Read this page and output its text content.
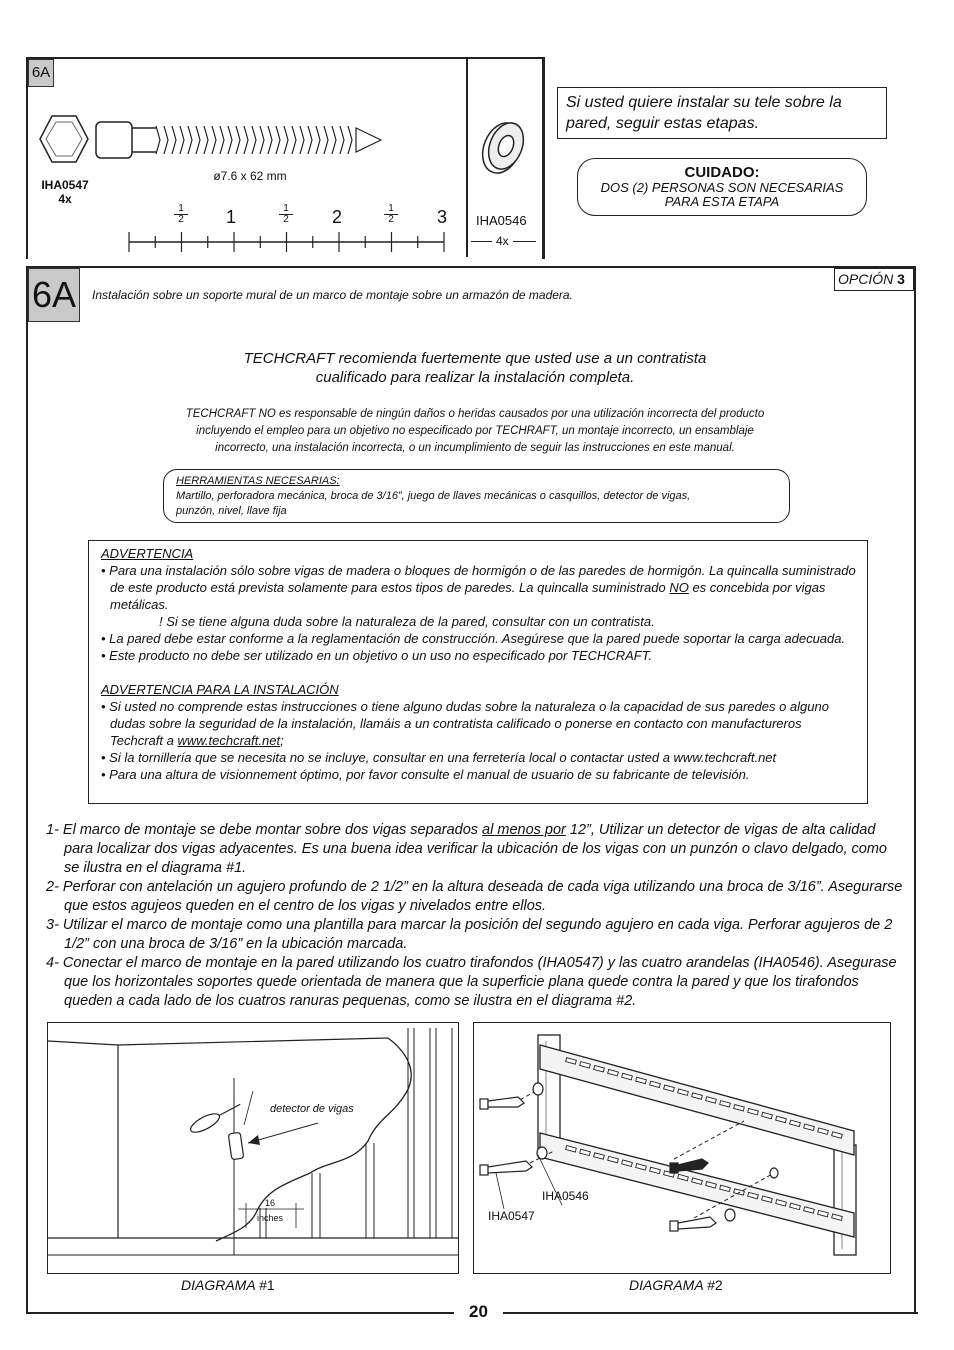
6A
IHA0547
4x
ø7.6 x 62 mm
1
2 1	1
2 2	1
2 3 IHA0546
4x
Si usted quiere instalar su tele sobre la pared, seguir estas etapas.
CUIDADO:
DOS (2) PERSONAS SON NECESARIAS
PARA ESTA ETAPA
6A	Instalación sobre un soporte mural de un marco de montaje sobre un armazón de madera.
OPCIÓN 3
TECHCRAFT recomienda fuertemente que usted use a un contratista
cualificado para realizar la instalación completa.
TECHCRAFT NO es responsable de ningún daños o heridas causados por una utilización incorrecta del producto
incluyendo el empleo para un objetivo no especificado por TECHRAFT, un montaje incorrecto, un ensamblaje
incorrecto, una instalación incorrecta, o un incumplimiento de seguir las instrucciones en este manual.
HERRAMIENTAS NECESARIAS:
Martillo, perforadora mecánica, broca de 3/16”, juego de llaves mecánicas o casquillos, detector de vigas,
punzón, nivel, llave fija
ADVERTENCIA
• Para una instalación sólo sobre vigas de madera o bloques de hormigón o de las paredes de hormigón. La quincalla suministrado de este producto está prevista solamente para estos tipos de paredes. La quincalla suministrado NO es concebida por vigas metálicas.
! Si se tiene alguna duda sobre la naturaleza de la pared, consultar con un contratista.
• La pared debe estar conforme a la reglamentación de construcción. Asegúrese que la pared puede soportar la carga adecuada.
• Este producto no debe ser utilizado en un objetivo o un uso no especificado por TECHCRAFT.
ADVERTENCIA PARA LA INSTALACIÓN
• Si usted no comprende estas instrucciones o tiene alguno dudas sobre la naturaleza o la capacidad de sus paredes o alguno dudas sobre la seguridad de la instalación, llamáis a un contratista calificado o ponerse en contacto con manufactureros Techcraft a www.techcraft.net;
• Si la tornillería que se necesita no se incluye, consultar en una ferretería local o contactar usted a www.techcraft.net
• Para una altura de visionnement óptimo, por favor consulte el manual de usuario de su fabricante de televisión.
1- El marco de montaje se debe montar sobre dos vigas separados al menos por 12”, Utilizar un detector de vigas de alta calidad para localizar dos vigas adyacentes. Es una buena idea verificar la ubicación de los vigas con un punzón o clavo delgado, como se ilustra en el diagrama #1.
2- Perforar con antelación un agujero profundo de 2 1/2” en la altura deseada de cada viga utilizando una broca de 3/16”. Asegurarse que estos agujeos queden en el centro de los vigas y nivelados entre ellos.
3- Utilizar el marco de montaje como una plantilla para marcar la posición del segundo agujero en cada viga. Perforar agujeros de 2 1/2” con una broca de 3/16” en la ubicación marcada.
4- Conectar el marco de montaje en la pared utilizando los cuatro tirafondos (IHA0547) y las cuatro arandelas (IHA0546). Asegurase que los horizontales soportes quede orientada de manera que la superficie plana quede contra la pared y que los tirafondos queden a cada lado de los cuatros ranuras pequenas, como se ilustra en el diagrama #2.
detector de vigas
16
inches
DIAGRAMA #1
IHA0546
IHA0547
DIAGRAMA #2
20
